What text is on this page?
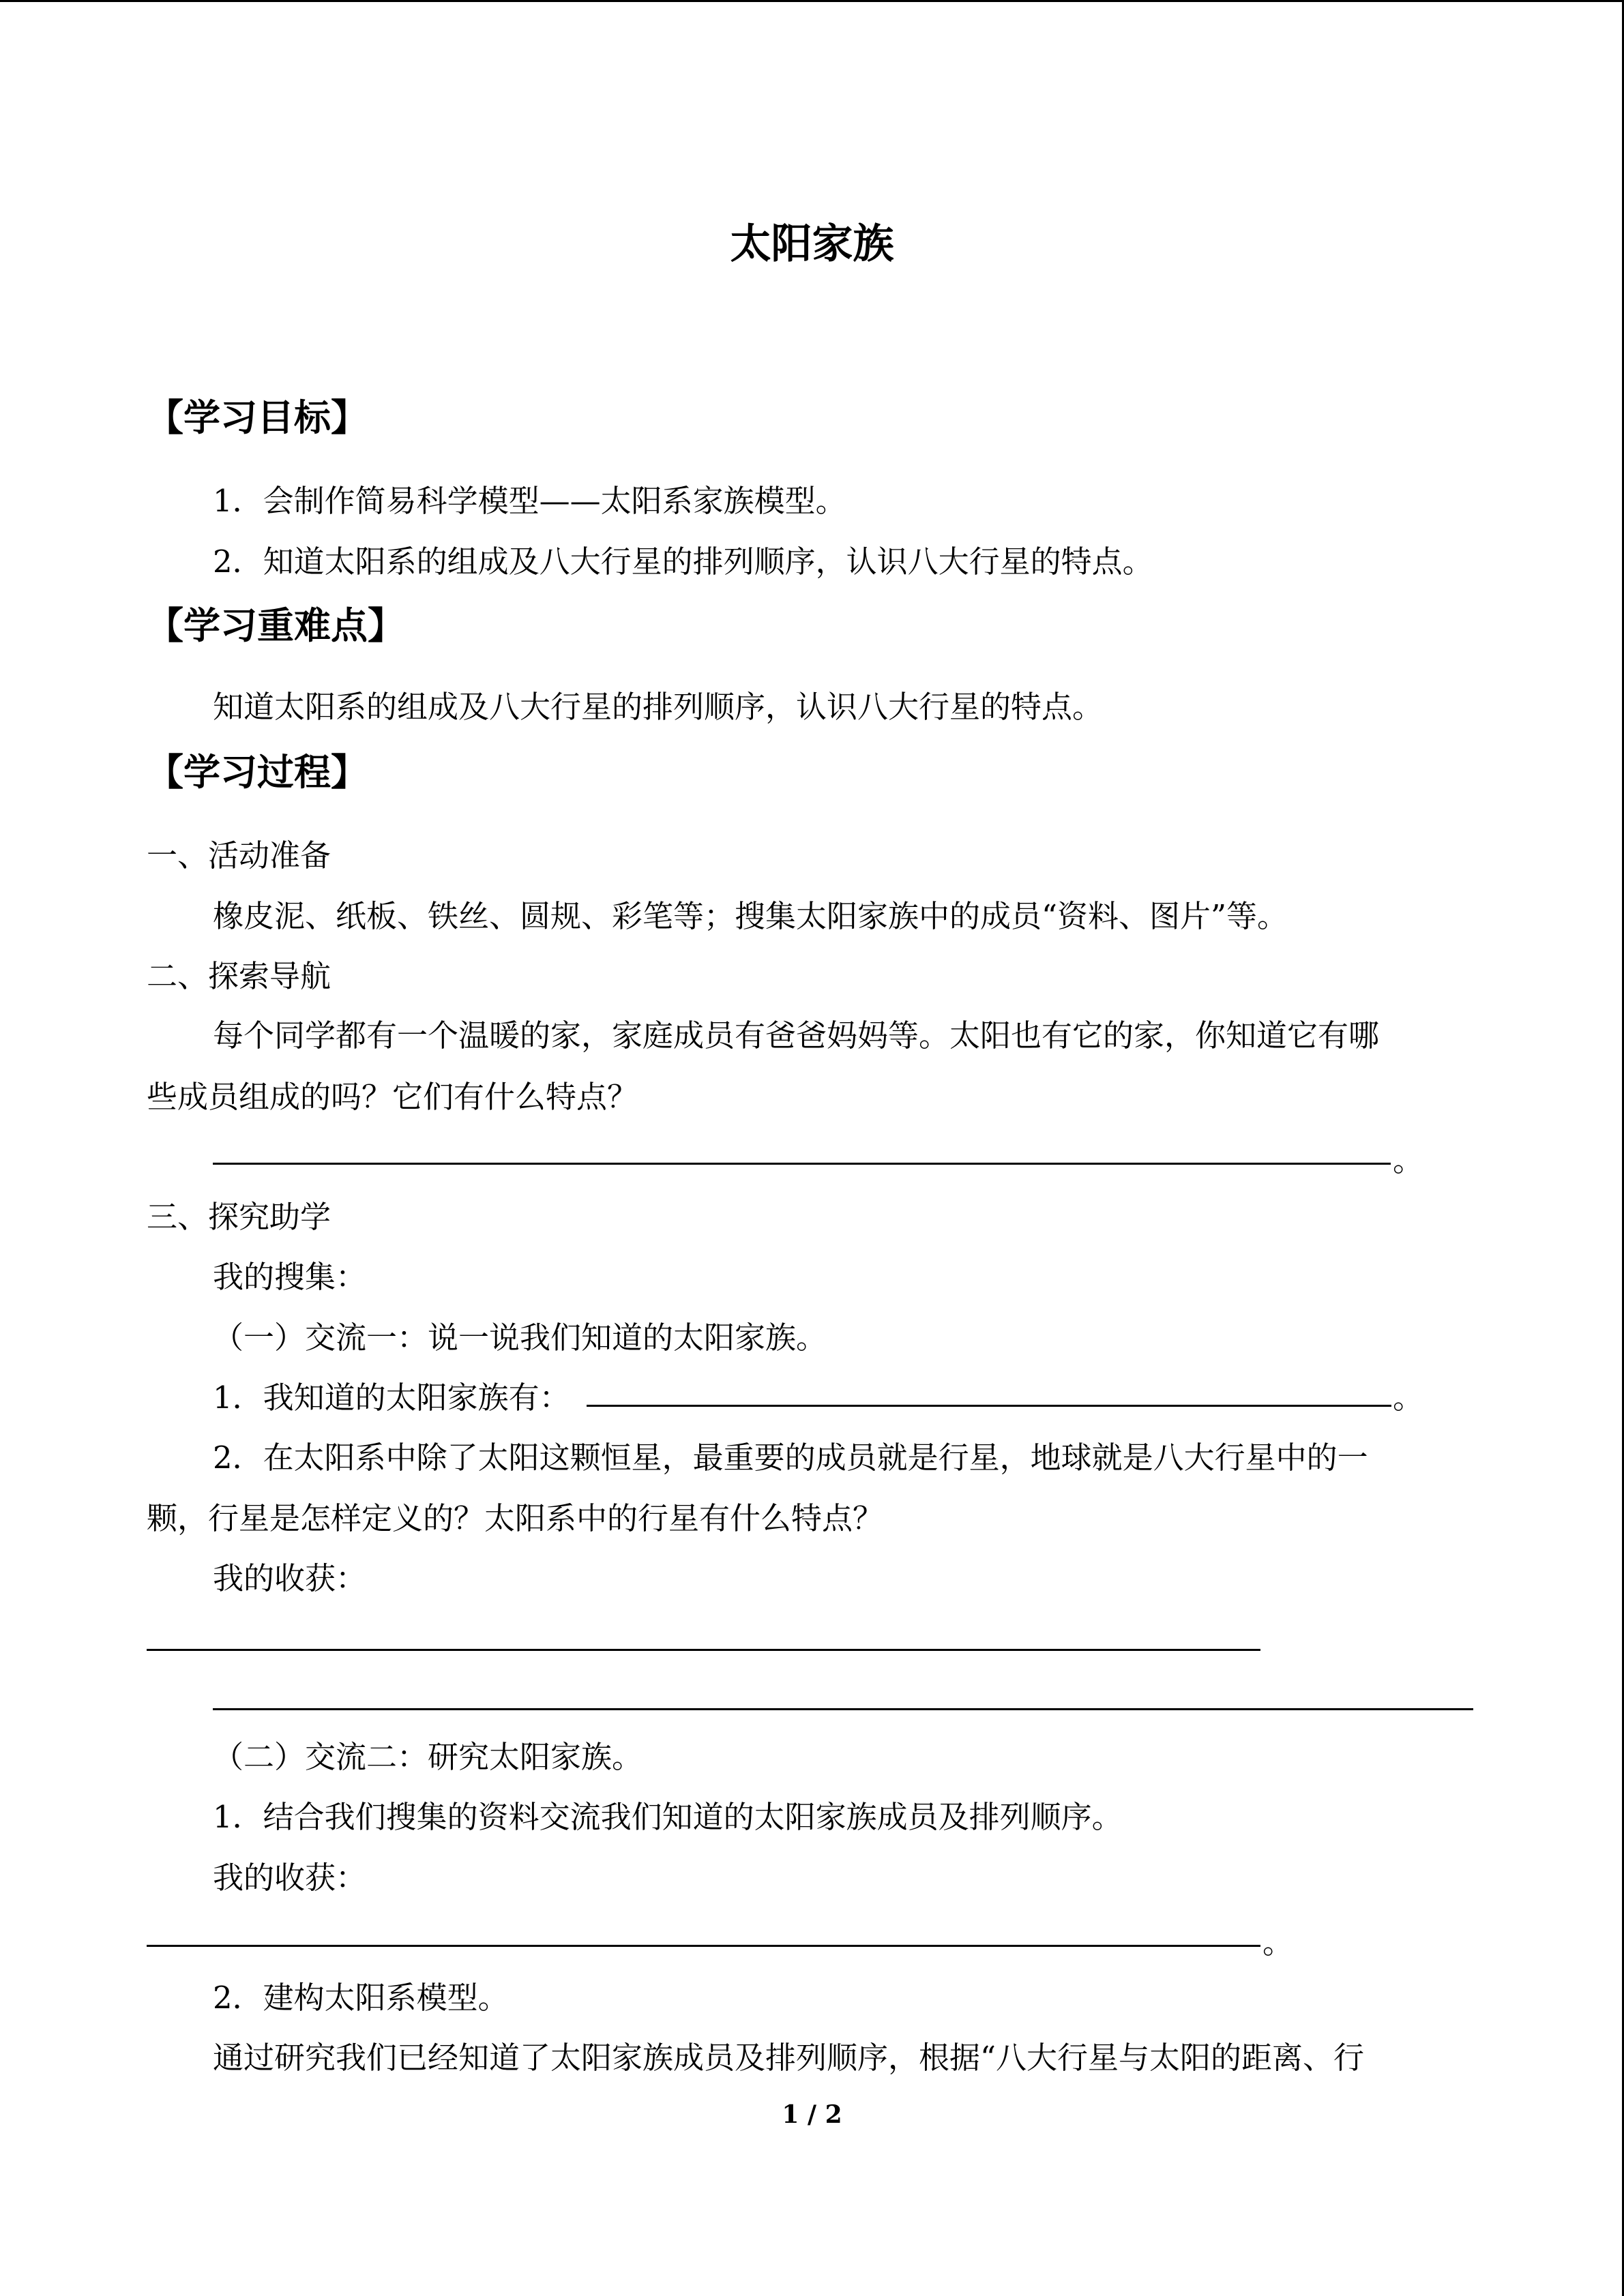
太阳家族
【学习目标】
1．会制作简易科学模型——太阳系家族模型。
2．知道太阳系的组成及八大行星的排列顺序，认识八大行星的特点。
【学习重难点】
知道太阳系的组成及八大行星的排列顺序，认识八大行星的特点。
【学习过程】
一、活动准备
橡皮泥、纸板、铁丝、圆规、彩笔等；搜集太阳家族中的成员“资料、图片”等。
二、探索导航
每个同学都有一个温暖的家，家庭成员有爸爸妈妈等。太阳也有它的家，你知道它有哪
些成员组成的吗？它们有什么特点？
。
三、探究助学
我的搜集：
（一）交流一：说一说我们知道的太阳家族。
1．我知道的太阳家族有：	。
2．在太阳系中除了太阳这颗恒星，最重要的成员就是行星，地球就是八大行星中的一
颗，行星是怎样定义的？太阳系中的行星有什么特点？
我的收获：
（二）交流二：研究太阳家族。
1．结合我们搜集的资料交流我们知道的太阳家族成员及排列顺序。
我的收获：
。
2．建构太阳系模型。
通过研究我们已经知道了太阳家族成员及排列顺序，根据“八大行星与太阳的距离、行
1 / 2
